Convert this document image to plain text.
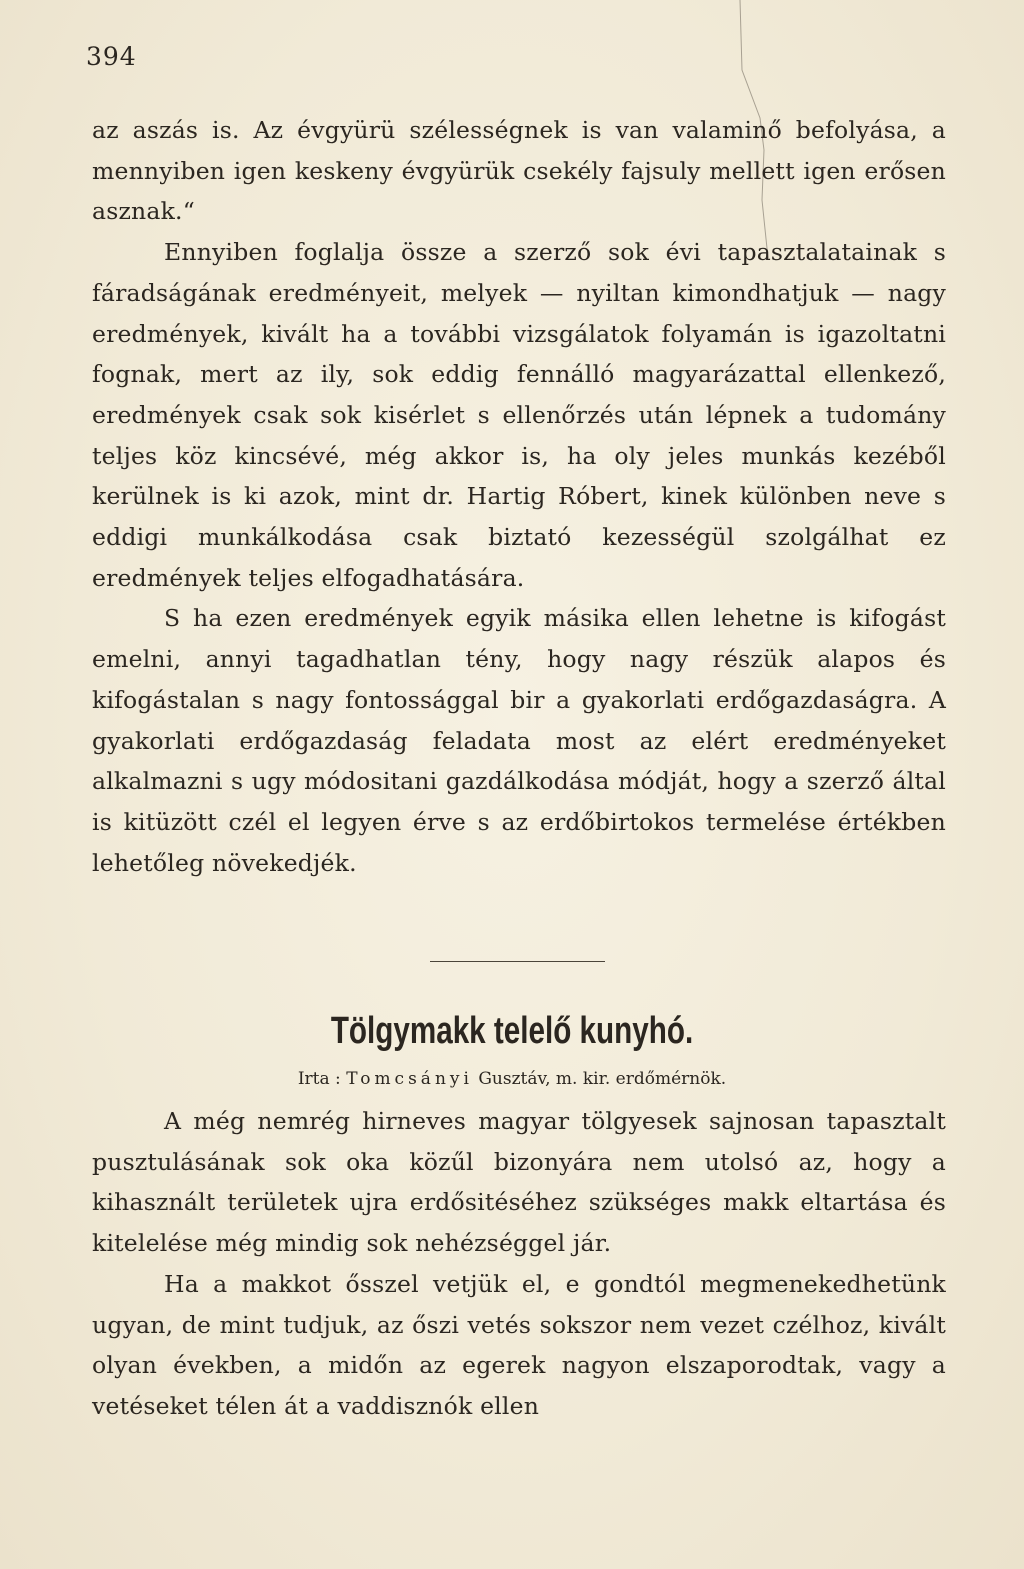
394

az aszás is. Az évgyürü szélességnek is van valaminő befolyása, a mennyiben igen keskeny évgyürük csekély fajsuly mellett igen erősen asznak.“

Ennyiben foglalja össze a szerző sok évi tapasztalatainak s fáradságának eredményeit, melyek — nyiltan kimondhatjuk — nagy eredmények, kivált ha a további vizsgálatok folyamán is igazoltatni fognak, mert az ily, sok eddig fennálló magyarázattal ellenkező, eredmények csak sok kisérlet s ellenőrzés után lépnek a tudomány teljes köz kincsévé, még akkor is, ha oly jeles munkás kezéből kerülnek is ki azok, mint dr. Hartig Róbert, kinek különben neve s eddigi munkálkodása csak biztató kezességül szolgálhat ez eredmények teljes elfogadhatására.

S ha ezen eredmények egyik másika ellen lehetne is kifogást emelni, annyi tagadhatlan tény, hogy nagy részük alapos és kifogástalan s nagy fontossággal bir a gyakorlati erdőgazdaságra. A gyakorlati erdőgazdaság feladata most az elért eredményeket alkalmazni s ugy módositani gazdálkodása módját, hogy a szerző által is kitüzött czél el legyen érve s az erdőbirtokos termelése értékben lehetőleg növekedjék.

Tölgymakk telelő kunyhó.
Irta : Tomcsányi Gusztáv, m. kir. erdőmérnök.

A még nemrég hirneves magyar tölgyesek sajnosan tapasztalt pusztulásának sok oka közűl bizonyára nem utolsó az, hogy a kihasznált területek ujra erdősitéséhez szükséges makk eltartása és kitelelése még mindig sok nehézséggel jár.

Ha a makkot ősszel vetjük el, e gondtól megmenekedhetünk ugyan, de mint tudjuk, az őszi vetés sokszor nem vezet czélhoz, kivált olyan években, a midőn az egerek nagyon elszaporodtak, vagy a vetéseket télen át a vaddisznók ellen
